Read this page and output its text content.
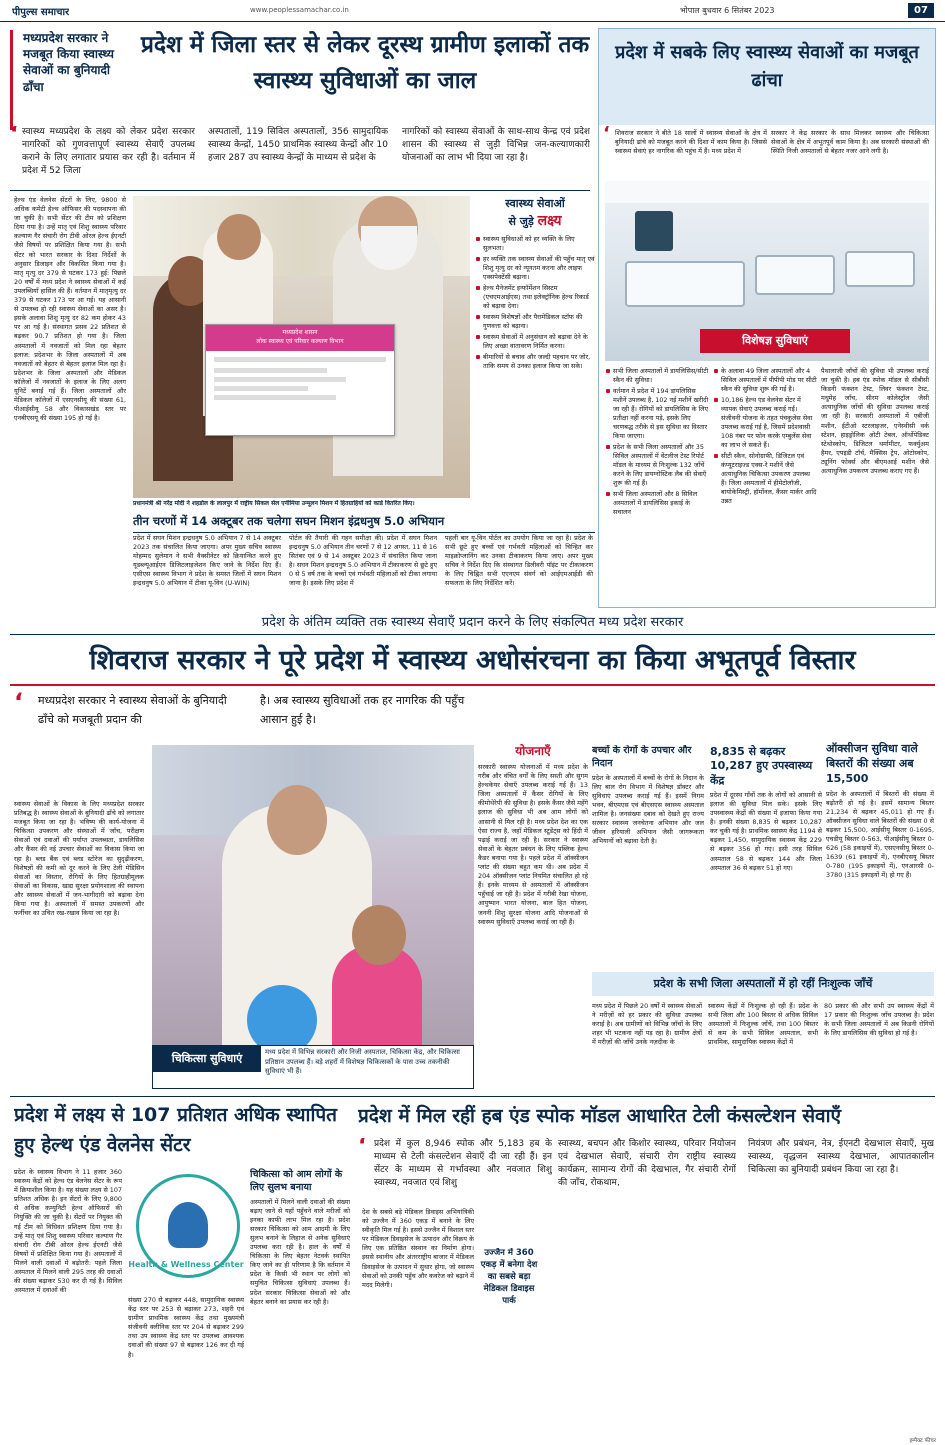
पीपुल्स समाचार	www.peoplessamachar.co.in	भोपाल बुधवार 6 सितंबर 2023	07
मध्यप्रदेश सरकार ने मजबूत किया स्वास्थ्य सेवाओं का बुनियादी ढाँचा
प्रदेश में जिला स्तर से लेकर दूरस्थ ग्रामीण इलाकों तक स्वास्थ्य सुविधाओं का जाल
स्वास्थ्य मध्यप्रदेश के लक्ष्य को लेकर प्रदेश सरकार नागरिकों को गुणवत्तापूर्ण स्वास्थ्य सेवाएँ उपलब्ध कराने के लिए लगातार प्रयास कर रही है। वर्तमान में प्रदेश में 52 जिला
‘	अस्पतालों, 119 सिविल अस्पतालों, 356 सामुदायिक स्वास्थ्य केन्द्रों, 1450 प्राथमिक स्वास्थ्य केन्द्रों और 10 हजार 287 उप स्वास्थ्य केन्द्रों के माध्यम से प्रदेश के
नागरिकों को स्वास्थ्य सेवाओं के साथ-साथ केन्द्र एवं प्रदेश शासन की स्वास्थ्य से जुड़ी विभिन्न जन-कल्याणकारी योजनाओं का लाभ भी दिया जा रहा है।
हेल्थ एंड वेलनेस सेंटरों के लिए, 9800 से अधिक कमेटी हेल्थ ऑफिसर की पदस्थापना की जा चुकी है। सभी सेंटर की टीम को प्रशिक्षण दिया गया है। उन्हें मातृ एवं शिशु स्वास्थ्य परिवार कल्याण गैर संचारी रोग टीवी ओरल हेल्थ ईएनटी जैसे विषयों पर प्रशिक्षित किया गया है। सभी सेंटर को भारत सरकार के दिशा निर्देशों के अनुसार डिजाइन और विकसित किया गया है। मातृ मृत्यु दर 379 से घटकर 173 हुई: पिछले 20 वर्षों में मध्य प्रदेश ने स्वास्थ्य सेवाओं में कई उपलब्धियाँ हासिल की हैं। वर्तमान में मातृमृत्यु दर 379 से घटकर 173 पर आ गई। यह आसानी से उपलब्ध हो रही स्वास्थ्य सेवाओं का असर है। इसके अलावा शिशु मृत्यु दर 82 कम होकर 43 पर आ गई है। संस्थागत प्रसव 22 प्रतिशत से बढ़कर 90.7 प्रतिशत हो गया है। जिला अस्पतालों में नवजातों को मिल रहा बेहतर इलाज: प्रदेशभर के जिला अस्पतालों में अब नवजातों को बेहतर से बेहतर इलाज मिल रहा है। प्रदेशभर के जिला अस्पतालों और मेडिकल कॉलेजों में नवजातों के इलाज के लिए अलग यूनिटें बनाई गई हैं। जिला अस्पतालों और मेडिकल कॉलेजों में एसएनसीयू की संख्या 61, पीआईसीयू 58 और विकासखंड स्तर पर एनबीएसयू की संख्या 195 हो गई है।
मध्यप्रदेश शासन
लोक स्वास्थ्य एवं परिवार कल्याण विभाग
प्रधानमंत्री श्री नरेंद्र मोदी ने शहडोल के लालपुर में राष्ट्रीय सिकल सेल एनीमिया उन्मूलन मिशन में हितग्राहियों को कार्ड वितरित किए।
स्वास्थ्य सेवाओं
से जुड़े लक्ष्य
स्वास्थ्य सुविधाओं को हर व्यक्ति के लिए सुलभता।
हर व्यक्ति तक स्वास्थ्य सेवाओं की पहुँच मातृ एवं शिशु मृत्यु दर को न्यूनतम करना और लाइफ एक्सपेक्टेंसी बढ़ाना।
हेल्थ मैनेजमेंट इन्फॉर्मेशन सिस्टम (एचएमआईएस) तथा इलेक्ट्रॉनिक हेल्थ रिकार्ड को बढ़ावा देना।
स्वास्थ्य विशेषज्ञों और पैरामेडिकल स्टॉफ की गुणवत्ता को बढ़ाना।
स्वास्थ्य सेवाओं में अनुसंधान को बढ़ावा देने के लिए अच्छा वातावरण निर्मित करना।
बीमारियों से बचाव और जल्दी पहचान पर जोर, ताकि समय से उनका इलाज किया जा सके।
तीन चरणों में 14 अक्टूबर तक चलेगा सघन मिशन इंद्रधनुष 5.0 अभियान
प्रदेश में सघन मिशन इन्द्रधनुष 5.0 अभियान 7 से 14 अक्टूबर 2023 तक संचालित किया जाएगा। अपर मुख्य सचिव स्वास्थ्य मोहम्मद सुलेमान ने सभी वैक्सीनेटर को क्रियान्वित करने हुए यूडब्ल्यूआईएन डिजिटलाइजेशन किए जाने के निर्देश दिए हैं। एसीएस स्वास्थ्य विभाग ने प्रदेश के समस्त जिलों में सघन मिशन इन्द्रधनुष 5.0 अभियान में टीका यू-विन (U-WIN)
पोर्टल की तैयारी की गहन समीक्षा की। प्रदेश में सघन मिशन इन्द्रधनुष 5.0 अभियान तीन चरणों 7 से 12 अगस्त, 11 से 16 सितंबर एवं 9 से 14 अक्टूबर 2023 में संचालित किया जाना है। सघन मिशन इन्द्रधनुष 5.0 अभियान में टीकाकरण से छूटे हुए 0 से 5 वर्ष तक के बच्चों एवं गर्भवती महिलाओं को टीका लगाया जाना है। इसके लिए प्रदेश में
पहली बार यू-विन पोर्टल का उपयोग किया जा रहा है। प्रदेश के सभी छूटे हुए बच्चों एवं गर्भवती महिलाओं को चिन्हित कर माइक्रोप्लानिंग कर उनका टीकाकरण किया जाए। अपर मुख्य सचिव ने निर्देश दिए कि संस्थागत डिलीवरी पॉइंट पर टीकाकरण के लिए चिह्नित सभी एएनएम संवर्ग को आईएमआईडी की सफलता के लिए निर्देशित करें।
प्रदेश में सबके लिए स्वास्थ्य सेवाओं का मजबूत ढांचा
शिवराज सरकार ने बीते 18 सालों में स्वास्थ्य सेवाओं के क्षेत्र में बुनियादी ढांचे को मजबूत करने की दिशा में काम किया है। जिससे स्वास्थ्य सेवाएं हर नागरिक की पहुंच में हैं। मध्य प्रदेश में
‘	सरकार ने केंद्र सरकार के साथ मिलकर स्वास्थ्य और चिकित्सा सेवाओं के क्षेत्र में अभूतपूर्व काम किया है। अब सरकारी संस्थाओं की स्थिति निजी अस्पतालों से बेहतर नजर आने लगी है।
विशेषज्ञ सुविधाएं
सभी जिला अस्पतालों में डायलिसिस/सीटी स्कैन की सुविधा।
वर्तमान में प्रदेश में 194 डायलिसिस मशीनें उपलब्ध है, 102 नई मशीनें खरीदी जा रही हैं। रोगियों को डायलिसिस के लिए प्रतीक्षा नहीं करना पड़े, इसके लिए चरणबद्ध तरीके से इस सुविधा का विस्तार किया जाएगा।
प्रदेश के सभी जिला अस्पतालों और 35 सिविल अस्पतालों में वेंटलीज टेस्ट रिपोर्ट मॉडल के माध्यम से निःशुल्क 132 जाँचें करने के लिए डायग्नोस्टिक लैब की सेवाएँ शुरू की गई हैं।
सभी जिला अस्पतालों और 8 सिविल अस्पतालों में डायलिसिस इकाई के सचालन
के अलावा 49 जिला अस्पतालों और 4 सिविल अस्पतालों में पीपीपी मोड पर सीटी स्कैन की सुविधा शुरू की गई है।
10,186 हेल्थ एंड वेलनेस सेंटर में व्यापक सेवाएं उपलब्ध कराई गईं। संजीवनी योजना के तहत पंचकुलेस सेवा उपलब्ध कराई गई है, जिसमें प्रदेशवासी 108 नंबर पर फोन करके एम्बुलेंस सेवा का लाभ ले सकते हैं।
सीटी स्कैन, सोनोग्राफी, डिजिटल एवं कंप्यूटराइज्ड एक्स-रे मशीनें जैसे अत्याधुनिक चिकित्सा उपकरण उपलब्ध हैं। जिला अस्पतालों में हीमेटोलॉजी, बायोकेमिस्ट्री, हॉर्मोनल, कैंसर मार्कर आदि उन्नत
पैथालाजी जाँचों की सुविधा भी उपलब्ध कराई जा चुकी है। हब एंड स्पोक मॉडल से सीबीसी किडनी फंक्शन टेस्ट, लिवर फंक्शन टेस्ट, मधुमेह जाँच, सीरम कोलेस्ट्रॉल जैसी अत्याधुनिक जाँचों की सुविधा उपलब्ध कराई जा रही है। सरकारी अस्पतालों में एबीजी मशीन, ईटीओ स्टरलाइजर, एनेस्थीसी वर्क स्टेशन, हाइड्रोलिक ओटी टेबल, ऑर्थोपेडिक्ट स्टेथोस्कोप, डिजिटल थर्मामीटर, फर्क्युअम हैमर, एपइडी टॉर्च, मैक्सिस ट्रेप, ओटोस्कोप, ट्यूनिंग फोर्क्स और बीएमआई मशीन जैसे अत्याधुनिक उपकरण उपलब्ध कराए गए हैं।
प्रदेश के अंतिम व्यक्ति तक स्वास्थ्य सेवाएँ प्रदान करने के लिए संकल्पित मध्य प्रदेश सरकार
शिवराज सरकार ने पूरे प्रदेश में स्वास्थ्य अधोसंरचना का किया अभूतपूर्व विस्तार
‘ मध्यप्रदेश सरकार ने स्वास्थ्य सेवाओं के बुनियादी ढाँचे को मजबूती प्रदान की
है। अब स्वास्थ्य सुविधाओं तक हर नागरिक की पहुँच आसान हुई है।
स्वास्थ्य सेवाओं के विकास के लिए मध्यप्रदेश सरकार प्रतिबद्ध है। स्वास्थ्य सेवाओं के बुनियादी ढाँचे को लगातार मजबूत किया जा रहा है। भविष्य की कार्य-योजना में चिकित्सा उपकरण और संस्थाओं में जाँच, परीक्षण सेवाओं एवं दवाओं की पर्याप्त उपलब्धता, डायलिसिस और कैंसर की नई उपचार सेवाओं का विकास किया जा रहा है। ब्लड बैंक एवं ब्लड स्टोरेज का सुदृढ़ीकरण, विशेषज्ञों की कमी को दूर करने के लिए टेली मेडिसिन सेवाओं का विस्तार, रोगियों के लिए हितग्राहीमूलक सेवाओं का विकास, खाद्य सुरक्षा प्रयोगशाला की स्थापना और स्वास्थ्य सेवाओं में जन-भागीदारी को बढ़ावा देना किया गया है। अस्पतालों में समस्त उपकरणों और फर्नीचर का उचित रख-रखाव किया जा रहा है।
चिकित्सा सुविधाएं	मध्य प्रदेश में विभिन्न सरकारी और निजी अस्पताल, चिकित्सा केंद्र, और चिकित्सा प्रतिष्ठान उपलब्ध हैं। बड़े शहरों में विशेषज्ञ चिकित्सकों के पास उच्च तकनीकी सुविधाएं भी हैं।
योजनाएँ
सरकारी स्वास्थ्य योजनाओं में मध्य प्रदेश के गरीब और वंचित वर्गों के लिए सस्ती और सुगम हेल्थकेयर सेवाएँ उपलब्ध कराई गई हैं। 13 जिला अस्पतालों में कैंसर रोगियों के लिए कीमोथेरेपी की सुविधा है। इसके कैंसर जैसे महँगे इलाज की सुविधा भी अब आम लोगों को आसानी से मिल रही है। मध्य प्रदेश देश का एक ऐसा राज्य है, जहाँ मेडिकल स्टूडेंट्स को हिंदी में पढ़ाई कराई जा रही है। सरकार ने स्वास्थ्य सेवाओं के बेहतर प्रबंधन के लिए पब्लिक हेल्थ कैडर बनाया गया है। पहले प्रदेश में ऑक्सीजन प्लांट की संख्या बहुत कम थी। अब प्रदेश में 204 ऑक्सीजन प्लांट नियमित संचालित हो रहे हैं। इनके माध्यम से अस्पतालों में ऑक्सीजन पहुँचाई जा रही है। प्रदेश में गरीबी रेखा योजना, आयुष्मान भारत योजना, बाल हित योजना, जननी शिशु सुरक्षा योजना आदि योजनाओं से स्वास्थ्य सुविधाएँ उपलब्ध कराई जा रही हैं।
बच्चों के रोगों के उपचार और निदान
प्रदेश के अस्पतालों में बच्चों के रोगों के निदान के लिए बाल रोग विभाग में विशेषज्ञ डॉक्टर और सुविधाएं उपलब्ध कराई गई हैं। इसमें निगम भवन, बीएमएस एवं बीएसएस स्वास्थ्य अस्पताल शामिल है। जनसंख्या दबाव को देखते हुए राज्य सरकार स्वास्थ्य जनचेतना अभियान और जल जीवन हरियाली अभियान जैसी जागरूकता अभियानों को बढ़ावा देती है।
8,835 से बढ़कर 10,287 हुए उपस्वास्थ्य केंद्र
प्रदेश में दूरस्थ गाँवों तक के लोगों को आसानी से इलाज की सुविधा मिल सके। इसके लिए उपस्वास्थ्य केंद्रों की संख्या में इजाफा किया गया है। इनकी संख्या 8,835 से बढ़कर 10,287 कर चुकी गई है। प्राथमिक स्वास्थ्य केंद्र 1194 से बढ़कर 1,450, सामुदायिक स्वास्थ्य केंद्र 229 से बढ़कर 356 हो गए। इसी तरह सिविल अस्पताल 58 से बढ़कर 144 और जिला अस्पताल 36 से बढ़कर 51 हो गए।
ऑक्सीजन सुविधा वाले बिस्तरों की संख्या अब 15,500
प्रदेश के अस्पतालों में बिस्तरों की संख्या में बढ़ोतरी हो गई है। इसमें सामान्य बिस्तर 21,234 से बढ़कर 45,011 हो गए हैं। ऑक्सीजन सुविधा वाले बिस्तरों की संख्या 0 से बढ़कर 15,500, आईसीयू बिस्तर 0-1695, एचडीयू बिस्तर 0-563, पीआईसीयू बिस्तर 0-626 (58 इकाइयों में), एसएनसीयू बिस्तर 0-1639 (61 इकाइयों में), एनबीएसयू बिस्तर 0-780 (195 इकाइयों में), एनआरसी 0-3780 (315 इकाइयों में) हो गए हैं।
प्रदेश के सभी जिला अस्पतालों में हो रहीं निःशुल्क जाँचें
मध्य प्रदेश में पिछले 20 वर्षों में स्वास्थ्य सेवाओं ने मरीज़ों को हर प्रकार की सुविधा उपलब्ध कराई है। अब ग्रामीणों को विभिन्न जाँचों के लिए शहर भी भटकना नहीं पड़ रहा है। ग्रामीण क्षेत्रों में मरीज़ों की जाँचें उनके नज़दीक के
स्वास्थ्य केंद्रों में निःशुल्क हो रही हैं। प्रदेश के सभी जिला और 100 बिस्तर से अधिक सिविल अस्पतालों में निःशुल्क जाँचें, तथा 100 बिस्तर से कम के सभी सिविल अस्पताल, सभी प्राथमिक, सामुदायिक स्वास्थ्य केंद्रों में
80 प्रकार की और सभी उप स्वास्थ्य केंद्रों में 17 प्रकार की निःशुल्क जाँच उपलब्ध है। प्रदेश के सभी जिला अस्पतालों में अब किडनी रोगियों के लिए डायलिसिस की सुविधा हो गई है।
प्रदेश में लक्ष्य से 107 प्रतिशत अधिक स्थापित हुए हेल्थ एंड वेलनेस सेंटर
प्रदेश के स्वास्थ्य विभाग ने 11 हजार 360 स्वास्थ्य केंद्रों को हेल्थ एंड वेलनेस सेंटर के रूप में क्रियाशील किया है। यह संख्या लक्ष्य से 107 प्रतिशत अधिक है। इन सेंटरों के लिए 9,800 से अधिक कम्युनिटी हेल्थ ऑफिसरों की नियुक्ति की जा चुकी है। सेंटरों पर नियुक्त की गई टीम को विधिवत प्रशिक्षण दिया गया है। उन्हें मातृ एवं शिशु स्वास्थ्य परिवार कल्याण गैर संचारी रोग टीबी ओरल हेल्थ ईएनटी जैसे विषयों में प्रशिक्षित किया गया है। अस्पतालों में मिलने वाली दवाओं में बढ़ोतरी: पहले जिला अस्पताल में मिलने वाली 295 तरह की दवाओं की संख्या बढ़ाकर 530 कर दी गई है। सिविल अस्पताल में दवाओं की
Health & Wellness Center
संख्या 270 से बढ़ाकर 448, सामुदायिक स्वास्थ्य केंद्र स्तर पर 253 से बढ़ाकर 273, शहरी एवं ग्रामीण प्राथमिक स्वास्थ्य केंद्र तथा मुख्यमंत्री संजीवनी क्लीनिक स्तर पर 204 से बढ़ाकर 299 तथा उप स्वास्थ्य केंद्र स्तर पर उपलब्ध आवश्यक दवाओं की संख्या 97 से बढ़ाकर 126 कर दी गई है।
चिकित्सा को आम लोगों के लिए सुलभ बनाया
अस्पतालों में मिलने वाली दवाओं की संख्या बढ़ाए जाने से यहाँ पहुँचने वाले मरीजों को इनका काफी लाभ मिल रहा है। प्रदेश सरकार चिकित्सा को आम आदमी के लिए सुलभ बनाने के लिहाज से अनेक सुविधाएं उपलब्ध करा रही है। हाल के वर्षों में चिकित्सा के लिए बेहतर नेटवर्क स्थापित किए जाने का ही परिणाम है कि वर्तमान में प्रदेश के किसी भी स्थान पर लोगों को समुचित चिकित्सा सुविधाएं उपलब्ध हैं। प्रदेश सरकार चिकित्सा सेवाओं को और बेहतर बनाने का प्रयास कर रही है।
प्रदेश में मिल रहीं हब एंड स्पोक मॉडल आधारित टेली कंसल्टेशन सेवाएँ
‘ प्रदेश में कुल 8,946 स्पोक और 5,183 हब के माध्यम से टेली कंसल्टेशन सेवाएँ दी जा रही हैं। इन सेंटर के माध्यम से गर्भावस्था और नवजात शिशु स्वास्थ्य, नवजात एवं शिशु
स्वास्थ्य, बचपन और किशोर स्वास्थ्य, परिवार नियोजन एवं देखभाल सेवाएँ, संचारी रोग राष्ट्रीय स्वास्थ्य कार्यक्रम, सामान्य रोगों की देखभाल, गैर संचारी रोगों की जाँच, रोकथाम,
नियंत्रण और प्रबंधन, नेत्र, ईएनटी देखभाल सेवाएँ, मुख स्वास्थ्य, वृद्धजन स्वास्थ्य देखभाल, आपातकालीन चिकित्सा का बुनियादी प्रबंधन किया जा रहा है।
देश के सबसे बड़े मेडिकल डिवाइस अभियांत्रिकी को उज्जैन में 360 एकड़ में बनाने के लिए स्वीकृति मिल गई है। इससे उज्जैन में विशाल स्तर पर मेडिकल डिवाइसेज के उत्पादन और विक्रय के लिए एक प्रतिष्ठित संस्थान का निर्माण होगा। इससे स्थानीय और अंतरराष्ट्रीय बाजार में मेडिकल डिवाइसेज के उत्पादन में सुधार होगा, जो स्वास्थ्य सेवाओं को उनकी पहुँच और कवरेज को बढ़ाने में मदद मिलेगी।
उज्जैन में 360 एकड़ में बनेगा देश का सबसे बड़ा मेडिकल डिवाइस पार्क
अब मिल रही टेलीमेडिसिन
की विशेषज्ञ सुविधा
टेलीमेडिसिन के साथ स्वास्थ्य सेवाओं को प्रदान करना एक नवीनतम तकनीकी उपाय है, जो दूरस्थ संपर्क के माध्यम से चिकित्सा देने की सुविधा प्रदान करता है। इससे रोगियों को चिकित्सा सलाह, निदान और उपचार उपलब्ध कराने में मदद मिलती है। खासकर ऐसे स्थानों पर जहाँ पहुँचना मुश्किल होता है। हब एंड स्पोक मॉडल पर आधारित टेलीमेडिसिन की सुविधा इसमें सहायक है।
इम्पैक्ट फीचर
